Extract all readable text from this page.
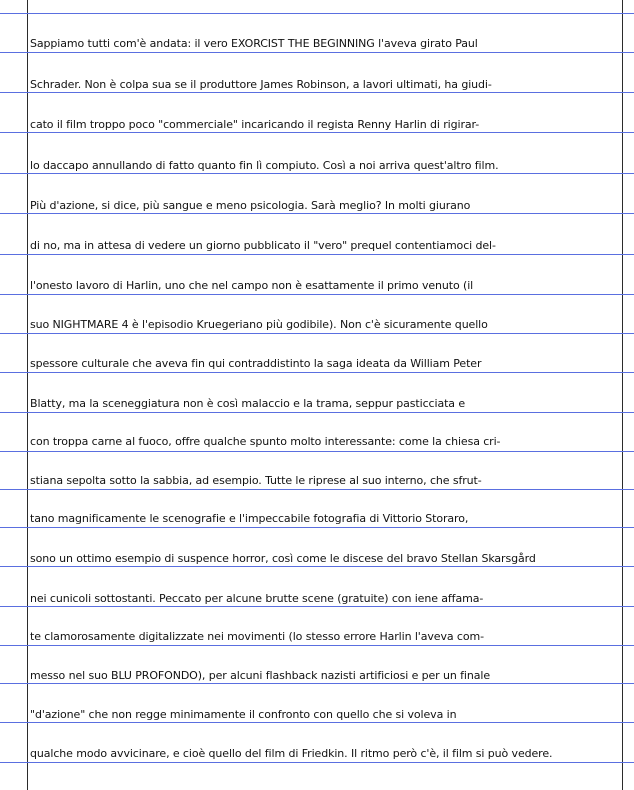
Sappiamo tutti com'è andata: il vero EXORCIST THE BEGINNING l'aveva girato Paul
Schrader. Non è colpa sua se il produttore James Robinson, a lavori ultimati, ha giudi-
cato il film troppo poco "commerciale" incaricando il regista Renny Harlin di rigirar-
lo daccapo annullando di fatto quanto fin lì compiuto. Così a noi arriva quest'altro film.
Più d'azione, si dice, più sangue e meno psicologia. Sarà meglio? In molti giurano
di no, ma in attesa di vedere un giorno pubblicato il "vero" prequel contentiamoci del-
l'onesto lavoro di Harlin, uno che nel campo non è esattamente il primo venuto (il
suo NIGHTMARE 4 è l'episodio Kruegeriano più godibile). Non c'è sicuramente quello
spessore culturale che aveva fin qui contraddistinto la saga ideata da William Peter
Blatty, ma la sceneggiatura non è così malaccio e la trama, seppur pasticciata e
con troppa carne al fuoco, offre qualche spunto molto interessante: come la chiesa cri-
stiana sepolta sotto la sabbia, ad esempio. Tutte le riprese al suo interno, che sfrut-
tano magnificamente le scenografie e l'impeccabile fotografia di Vittorio Storaro,
sono un ottimo esempio di suspence horror, così come le discese del bravo Stellan Skarsgård
nei cunicoli sottostanti. Peccato per alcune brutte scene (gratuite) con iene affama-
te clamorosamente digitalizzate nei movimenti (lo stesso errore Harlin l'aveva com-
messo nel suo BLU PROFONDO), per alcuni flashback nazisti artificiosi e per un finale
"d'azione" che non regge minimamente il confronto con quello che si voleva in
qualche modo avvicinare, e cioè quello del film di Friedkin. Il ritmo però c'è, il film si può vedere.
